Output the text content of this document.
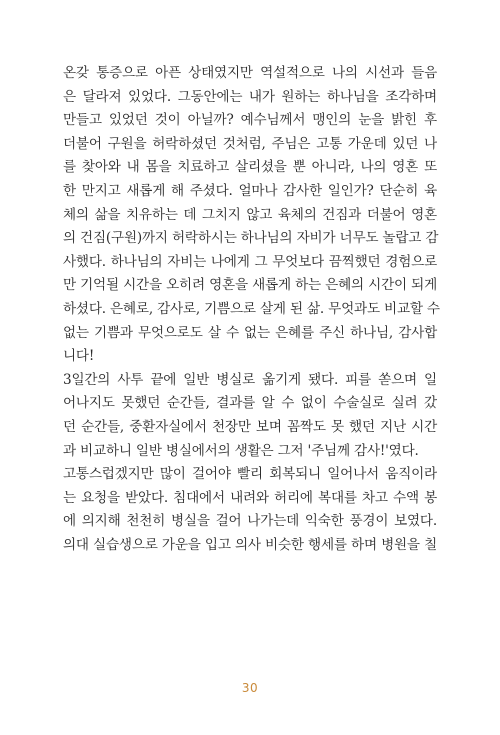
온갖 통증으로 아픈 상태였지만 역설적으로 나의 시선과 들음
은 달라져 있었다. 그동안에는 내가 원하는 하나님을 조각하며
만들고 있었던 것이 아닐까? 예수님께서 맹인의 눈을 밝힌 후
더불어 구원을 허락하셨던 것처럼, 주님은 고통 가운데 있던 나
를 찾아와 내 몸을 치료하고 살리셨을 뿐 아니라, 나의 영혼 또
한 만지고 새롭게 해 주셨다. 얼마나 감사한 일인가? 단순히 육
체의 삶을 치유하는 데 그치지 않고 육체의 건짐과 더불어 영혼
의 건짐(구원)까지 허락하시는 하나님의 자비가 너무도 놀랍고 감
사했다. 하나님의 자비는 나에게 그 무엇보다 끔찍했던 경험으로
만 기억될 시간을 오히려 영혼을 새롭게 하는 은혜의 시간이 되게
하셨다. 은혜로, 감사로, 기쁨으로 살게 된 삶. 무엇과도 비교할 수
없는 기쁨과 무엇으로도 살 수 없는 은혜를 주신 하나님, 감사합
니다!
3일간의 사투 끝에 일반 병실로 옮기게 됐다. 피를 쏟으며 일
어나지도 못했던 순간들, 결과를 알 수 없이 수술실로 실려 갔
던 순간들, 중환자실에서 천장만 보며 꼼짝도 못 했던 지난 시간
과 비교하니 일반 병실에서의 생활은 그저 '주님께 감사!'였다.
고통스럽겠지만 많이 걸어야 빨리 회복되니 일어나서 움직이라
는 요청을 받았다. 침대에서 내려와 허리에 복대를 차고 수액 봉
에 의지해 천천히 병실을 걸어 나가는데 익숙한 풍경이 보였다.
의대 실습생으로 가운을 입고 의사 비슷한 행세를 하며 병원을 칠
30
